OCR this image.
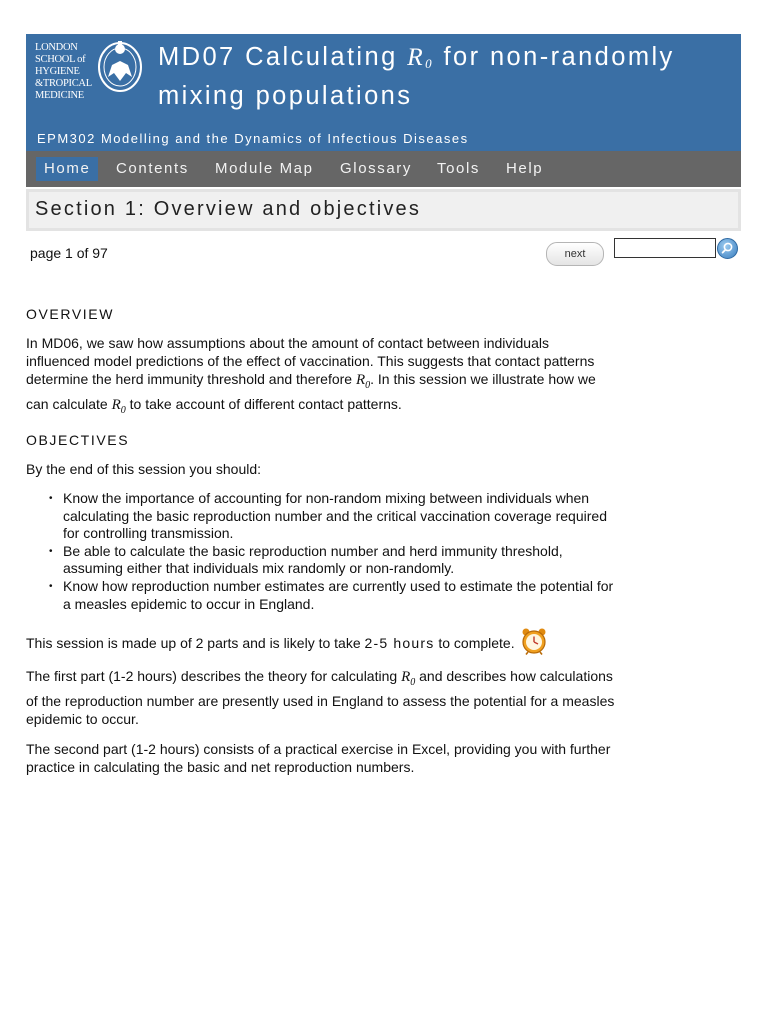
LONDON
SCHOOL of
HYGIENE
&TROPICAL
MEDICINE
MD07 Calculating $R_0$ for non-randomly
mixing populations
EPM302 Modelling and the Dynamics of Infectious Diseases
Home	Contents Module Map Glossary Tools Help
Section 1: Overview and objectives
page 1 of 97	next
OVERVIEW

In MD06, we saw how assumptions about the amount of contact between individuals influenced model predictions of the effect of vaccination. This suggests that contact patterns determine the herd immunity threshold and therefore $R_0$. In this session we illustrate how we can calculate $R_0$ to take account of different contact patterns.

OBJECTIVES

By the end of this session you should:

• Know the importance of accounting for non-random mixing between individuals when calculating the basic reproduction number and the critical vaccination coverage required for controlling transmission.
• Be able to calculate the basic reproduction number and herd immunity threshold, assuming either that individuals mix randomly or non-randomly.
• Know how reproduction number estimates are currently used to estimate the potential for a measles epidemic to occur in England.

This session is made up of 2 parts and is likely to take 2-5 hours to complete.

The first part (1-2 hours) describes the theory for calculating $R_0$ and describes how calculations of the reproduction number are presently used in England to assess the potential for a measles epidemic to occur.

The second part (1-2 hours) consists of a practical exercise in Excel, providing you with further practice in calculating the basic and net reproduction numbers.
